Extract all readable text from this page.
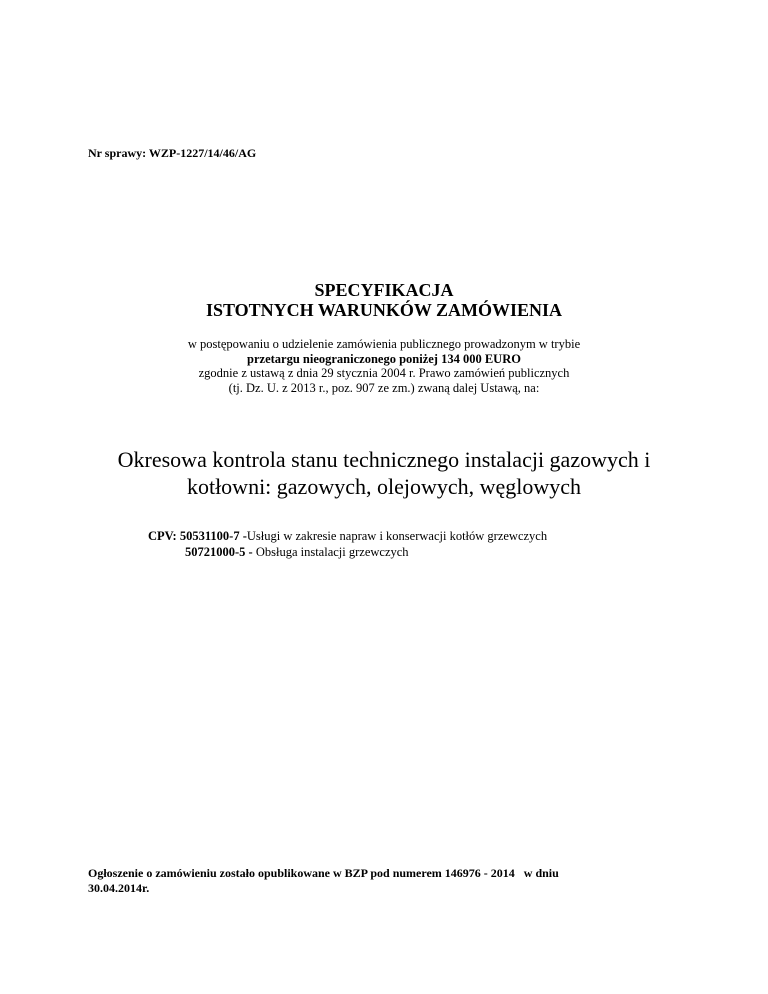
Nr sprawy: WZP-1227/14/46/AG
SPECYFIKACJA
ISTOTNYCH WARUNKÓW ZAMÓWIENIA
w postępowaniu o udzielenie zamówienia publicznego prowadzonym w trybie
przetargu nieograniczonego poniżej 134 000 EURO
zgodnie z ustawą z dnia 29 stycznia 2004 r. Prawo zamówień publicznych
(tj. Dz. U. z 2013 r., poz. 907 ze zm.) zwaną dalej Ustawą, na:
Okresowa kontrola stanu technicznego instalacji gazowych i
kotłowni: gazowych, olejowych, węglowych
CPV: 50531100-7 -Usługi w zakresie napraw i konserwacji kotłów grzewczych
50721000-5 - Obsługa instalacji grzewczych
Ogłoszenie o zamówieniu zostało opublikowane w BZP pod numerem 146976 - 2014   w dniu
30.04.2014r.
